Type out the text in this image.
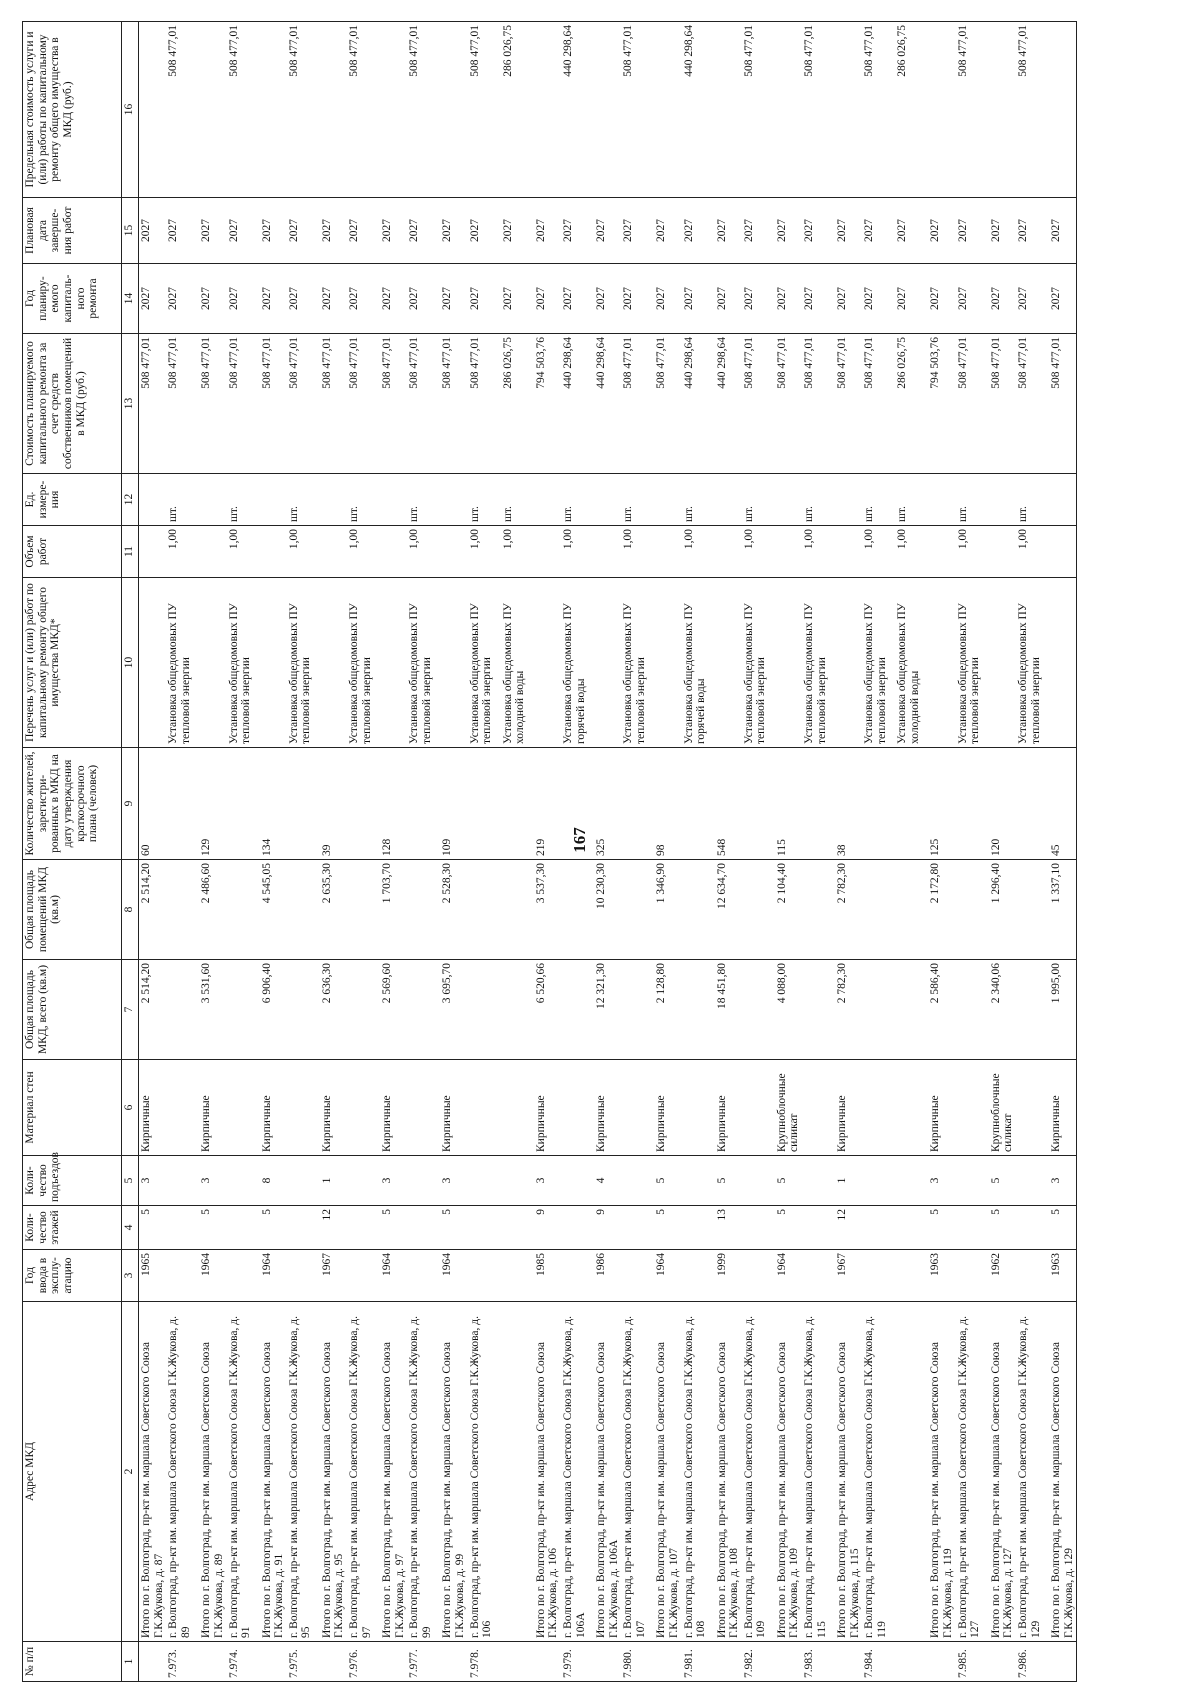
167
№ п/п	Адрес МКД	Год ввода в эксплу-атацию	Коли-чество этажей	Коли-чество подъездов	Материал стен	Общая площадь МКД, всего (кв.м)	Общая площадь помещений МКД (кв.м)	Количество жителей, зарегистри-рованных в МКД на дату утверждения краткосрочного плана (человек)	Перечень услуг и (или) работ по капитальному ремонту общего имущества МКД*	Объем работ	Ед. измере-ния	Стоимость планируемого капитального ремонта за счет средств собственников помещений в МКД (руб.)	Год планиру-емого капиталь-ного ремонта	Плановая дата заверше-ния работ	Предельная стоимость услуги и (или) работы по капитальному ремонту общего имущества в МКД (руб.)
1	2	3	4	5	6	7	8	9	10	11	12	13	14	15	16
	Итого по г. Волгоград, пр-кт им. маршала Советского Союза Г.К.Жукова, д. 87	1965	5	3	Кирпичные	2 514,20	2 514,20	60				508 477,01	2027	2027	
7.973.	г. Волгоград, пр-кт им. маршала Советского Союза Г.К.Жукова, д. 89								Установка общедомовых ПУ тепловой энергии	1,00	шт.	508 477,01	2027	2027	508 477,01
	Итого по г. Волгоград, пр-кт им. маршала Советского Союза Г.К.Жукова, д. 89	1964	5	3	Кирпичные	3 531,60	2 486,60	129				508 477,01	2027	2027	
7.974.	г. Волгоград, пр-кт им. маршала Советского Союза Г.К.Жукова, д. 91								Установка общедомовых ПУ тепловой энергии	1,00	шт.	508 477,01	2027	2027	508 477,01
	Итого по г. Волгоград, пр-кт им. маршала Советского Союза Г.К.Жукова, д. 91	1964	5	8	Кирпичные	6 906,40	4 545,05	134				508 477,01	2027	2027	
7.975.	г. Волгоград, пр-кт им. маршала Советского Союза Г.К.Жукова, д. 95								Установка общедомовых ПУ тепловой энергии	1,00	шт.	508 477,01	2027	2027	508 477,01
	Итого по г. Волгоград, пр-кт им. маршала Советского Союза Г.К.Жукова, д. 95	1967	12	1	Кирпичные	2 636,30	2 635,30	39				508 477,01	2027	2027	
7.976.	г. Волгоград, пр-кт им. маршала Советского Союза Г.К.Жукова, д. 97								Установка общедомовых ПУ тепловой энергии	1,00	шт.	508 477,01	2027	2027	508 477,01
	Итого по г. Волгоград, пр-кт им. маршала Советского Союза Г.К.Жукова, д. 97	1964	5	3	Кирпичные	2 569,60	1 703,70	128				508 477,01	2027	2027	
7.977.	г. Волгоград, пр-кт им. маршала Советского Союза Г.К.Жукова, д. 99								Установка общедомовых ПУ тепловой энергии	1,00	шт.	508 477,01	2027	2027	508 477,01
	Итого по г. Волгоград, пр-кт им. маршала Советского Союза Г.К.Жукова, д. 99	1964	5	3	Кирпичные	3 695,70	2 528,30	109				508 477,01	2027	2027	
7.978.	г. Волгоград, пр-кт им. маршала Советского Союза Г.К.Жукова, д. 106								Установка общедомовых ПУ тепловой энергии	1,00	шт.	508 477,01	2027	2027	508 477,01
									Установка общедомовых ПУ холодной воды	1,00	шт.	286 026,75	2027	2027	286 026,75
	Итого по г. Волгоград, пр-кт им. маршала Советского Союза Г.К.Жукова, д. 106	1985	9	3	Кирпичные	6 520,66	3 537,30	219				794 503,76	2027	2027	
7.979.	г. Волгоград, пр-кт им. маршала Советского Союза Г.К.Жукова, д. 106А								Установка общедомовых ПУ горячей воды	1,00	шт.	440 298,64	2027	2027	440 298,64
	Итого по г. Волгоград, пр-кт им. маршала Советского Союза Г.К.Жукова, д. 106А	1986	9	4	Кирпичные	12 321,30	10 230,30	325				440 298,64	2027	2027	
7.980.	г. Волгоград, пр-кт им. маршала Советского Союза Г.К.Жукова, д. 107								Установка общедомовых ПУ тепловой энергии	1,00	шт.	508 477,01	2027	2027	508 477,01
	Итого по г. Волгоград, пр-кт им. маршала Советского Союза Г.К.Жукова, д. 107	1964	5	5	Кирпичные	2 128,80	1 346,90	98				508 477,01	2027	2027	
7.981.	г. Волгоград, пр-кт им. маршала Советского Союза Г.К.Жукова, д. 108								Установка общедомовых ПУ горячей воды	1,00	шт.	440 298,64	2027	2027	440 298,64
	Итого по г. Волгоград, пр-кт им. маршала Советского Союза Г.К.Жукова, д. 108	1999	13	5	Кирпичные	18 451,80	12 634,70	548				440 298,64	2027	2027	
7.982.	г. Волгоград, пр-кт им. маршала Советского Союза Г.К.Жукова, д. 109								Установка общедомовых ПУ тепловой энергии	1,00	шт.	508 477,01	2027	2027	508 477,01
	Итого по г. Волгоград, пр-кт им. маршала Советского Союза Г.К.Жукова, д. 109	1964	5	5	Крупноблочные силикат	4 088,00	2 104,40	115				508 477,01	2027	2027	
7.983.	г. Волгоград, пр-кт им. маршала Советского Союза Г.К.Жукова, д. 115								Установка общедомовых ПУ тепловой энергии	1,00	шт.	508 477,01	2027	2027	508 477,01
	Итого по г. Волгоград, пр-кт им. маршала Советского Союза Г.К.Жукова, д. 115	1967	12	1	Кирпичные	2 782,30	2 782,30	38				508 477,01	2027	2027	
7.984.	г. Волгоград, пр-кт им. маршала Советского Союза Г.К.Жукова, д. 119								Установка общедомовых ПУ тепловой энергии	1,00	шт.	508 477,01	2027	2027	508 477,01
									Установка общедомовых ПУ холодной воды	1,00	шт.	286 026,75	2027	2027	286 026,75
	Итого по г. Волгоград, пр-кт им. маршала Советского Союза Г.К.Жукова, д. 119	1963	5	3	Кирпичные	2 586,40	2 172,80	125				794 503,76	2027	2027	
7.985.	г. Волгоград, пр-кт им. маршала Советского Союза Г.К.Жукова, д. 127								Установка общедомовых ПУ тепловой энергии	1,00	шт.	508 477,01	2027	2027	508 477,01
	Итого по г. Волгоград, пр-кт им. маршала Советского Союза Г.К.Жукова, д. 127	1962	5	5	Крупноблочные силикат	2 340,06	1 296,40	120				508 477,01	2027	2027	
7.986.	г. Волгоград, пр-кт им. маршала Советского Союза Г.К.Жукова, д. 129								Установка общедомовых ПУ тепловой энергии	1,00	шт.	508 477,01	2027	2027	508 477,01
	Итого по г. Волгоград, пр-кт им. маршала Советского Союза Г.К.Жукова, д. 129	1963	5	3	Кирпичные	1 995,00	1 337,10	45				508 477,01	2027	2027	
